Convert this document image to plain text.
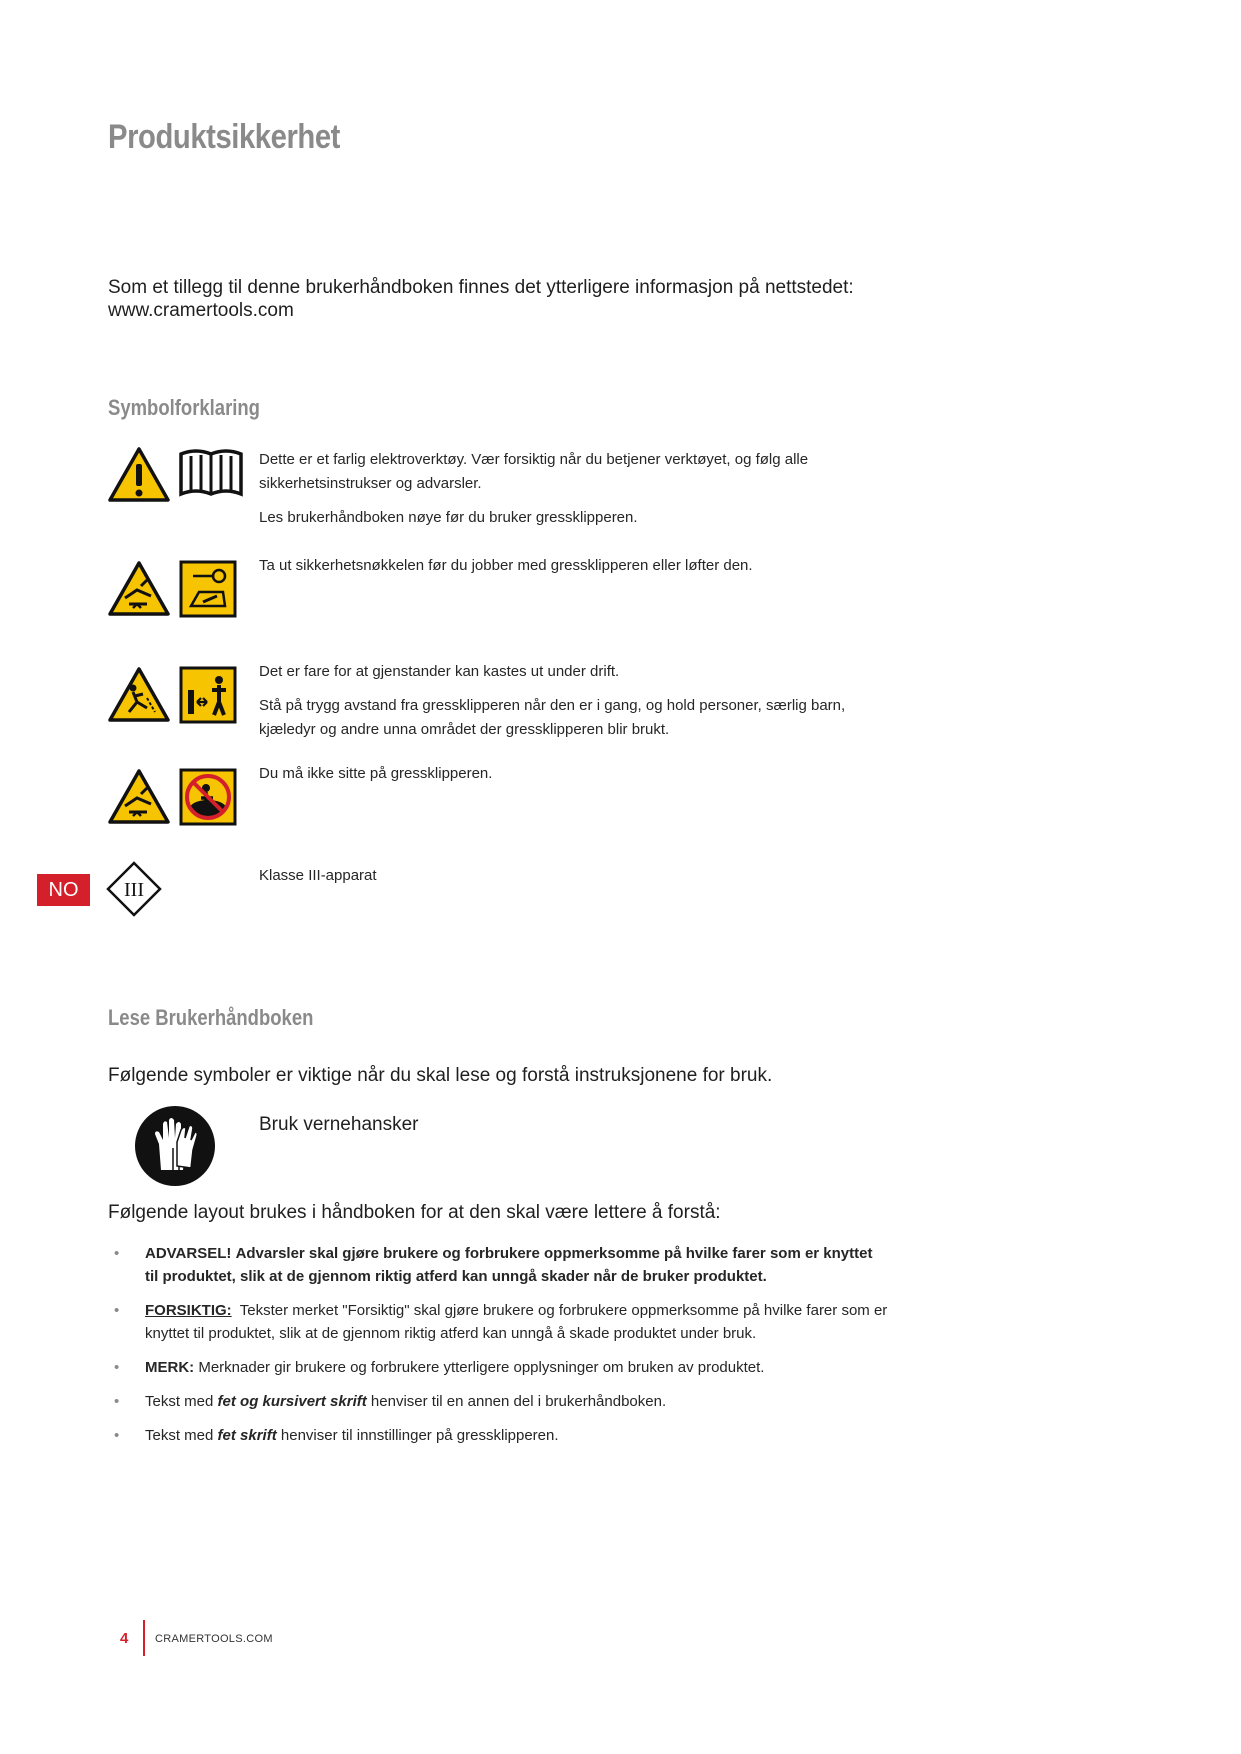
Produktsikkerhet
Som et tillegg til denne brukerhåndboken finnes det ytterligere informasjon på nettstedet:
www.cramertools.com
Symbolforklaring

Dette er et farlig elektroverktøy. Vær forsiktig når du betjener verktøyet, og følg alle sikkerhetsinstrukser og advarsler.

Les brukerhåndboken nøye før du bruker gressklipperen.

Ta ut sikkerhetsnøkkelen før du jobber med gressklipperen eller løfter den.

Det er fare for at gjenstander kan kastes ut under drift.

Stå på trygg avstand fra gressklipperen når den er i gang, og hold personer, særlig barn, kjæledyr og andre unna området der gressklipperen blir brukt.

Du må ikke sitte på gressklipperen.

NO	III

Klasse III-apparat

Lese Brukerhåndboken
Følgende symboler er viktige når du skal lese og forstå instruksjonene for bruk.
Bruk vernehansker
Følgende layout brukes i håndboken for at den skal være lettere å forstå:
• ADVARSEL! Advarsler skal gjøre brukere og forbrukere oppmerksomme på hvilke farer som er knyttet til produktet, slik at de gjennom riktig atferd kan unngå skader når de bruker produktet.
• FORSIKTIG: Tekster merket "Forsiktig" skal gjøre brukere og forbrukere oppmerksomme på hvilke farer som er knyttet til produktet, slik at de gjennom riktig atferd kan unngå å skade produktet under bruk.
• MERK: Merknader gir brukere og forbrukere ytterligere opplysninger om bruken av produktet.
• Tekst med fet og kursivert skrift henviser til en annen del i brukerhåndboken.
• Tekst med fet skrift henviser til innstillinger på gressklipperen.
4 CRAMERTOOLS.COM
